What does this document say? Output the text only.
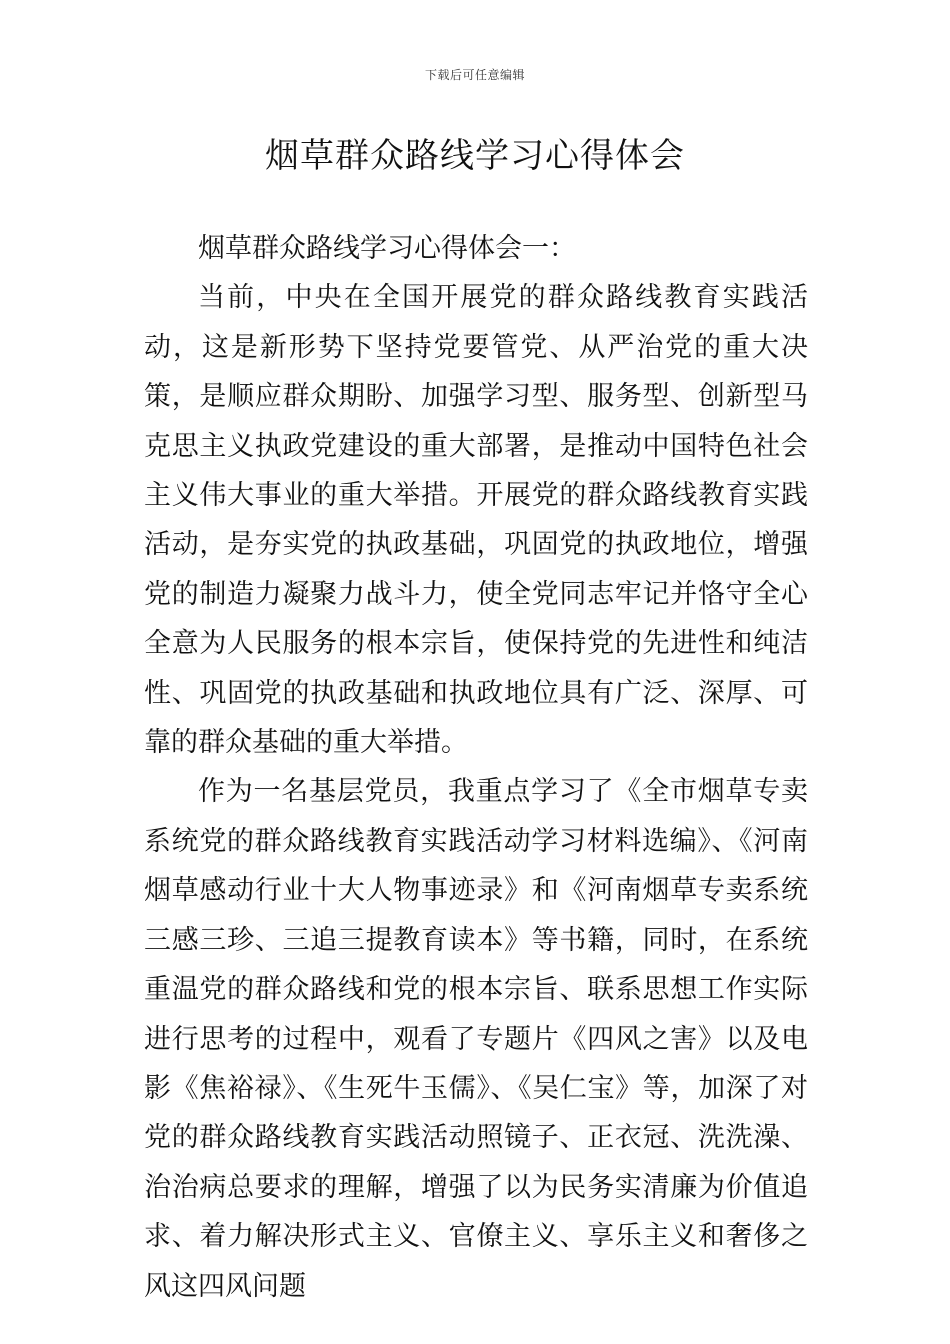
下载后可任意编辑
烟草群众路线学习心得体会

烟草群众路线学习心得体会一：

当前，中央在全国开展党的群众路线教育实践活动，这是新形势下坚持党要管党、从严治党的重大决策，是顺应群众期盼、加强学习型、服务型、创新型马克思主义执政党建设的重大部署，是推动中国特色社会主义伟大事业的重大举措。开展党的群众路线教育实践活动，是夯实党的执政基础，巩固党的执政地位，增强党的制造力凝聚力战斗力，使全党同志牢记并恪守全心全意为人民服务的根本宗旨，使保持党的先进性和纯洁性、巩固党的执政基础和执政地位具有广泛、深厚、可靠的群众基础的重大举措。

作为一名基层党员，我重点学习了《全市烟草专卖系统党的群众路线教育实践活动学习材料选编》、《河南烟草感动行业十大人物事迹录》和《河南烟草专卖系统三感三珍、三追三提教育读本》等书籍，同时，在系统重温党的群众路线和党的根本宗旨、联系思想工作实际进行思考的过程中，观看了专题片《四风之害》以及电影《焦裕禄》、《生死牛玉儒》、《吴仁宝》等，加深了对党的群众路线教育实践活动照镜子、正衣冠、洗洗澡、治治病总要求的理解，增强了以为民务实清廉为价值追求、着力解决形式主义、官僚主义、享乐主义和奢侈之风这四风问题
